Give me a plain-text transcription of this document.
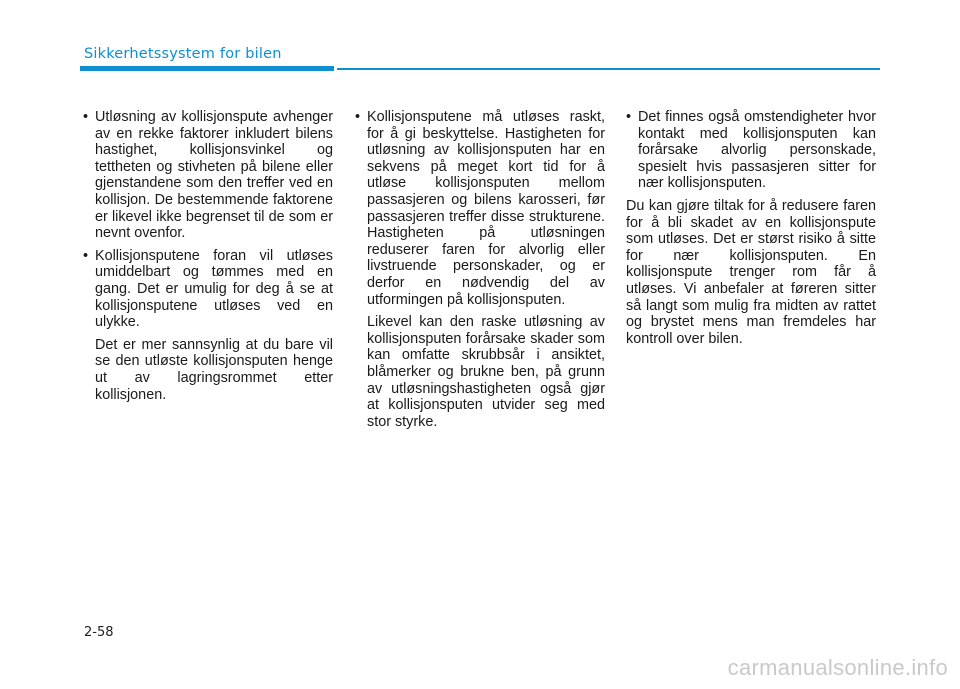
Sikkerhetssystem for bilen

• Utløsning av kollisjonspute avhenger av en rekke faktorer inkludert bilens hastighet, kollisjonsvinkel og tettheten og stivheten på bilene eller gjenstandene som den treffer ved en kollisjon. De bestemmende faktorene er likevel ikke begrenset til de som er nevnt ovenfor.

• Kollisjonsputene foran vil utløses umiddelbart og tømmes med en gang. Det er umulig for deg å se at kollisjonsputene utløses ved en ulykke.

Det er mer sannsynlig at du bare vil se den utløste kollisjonsputen henge ut av lagringsrommet etter kollisjonen.

• Kollisjonsputene må utløses raskt, for å gi beskyttelse. Hastigheten for utløsning av kollisjonsputen har en sekvens på meget kort tid for å utløse kollisjonsputen mellom passasjeren og bilens karosseri, før passasjeren treffer disse strukturene. Hastigheten på utløsningen reduserer faren for alvorlig eller livstruende personskader, og er derfor en nødvendig del av utformingen på kollisjonsputen.

Likevel kan den raske utløsning av kollisjonsputen forårsake skader som kan omfatte skrubbsår i ansiktet, blåmerker og brukne ben, på grunn av utløsningshastigheten også gjør at kollisjonsputen utvider seg med stor styrke.

• Det finnes også omstendigheter hvor kontakt med kollisjonsputen kan forårsake alvorlig personskade, spesielt hvis passasjeren sitter for nær kollisjonsputen.

Du kan gjøre tiltak for å redusere faren for å bli skadet av en kollisjonspute som utløses. Det er størst risiko å sitte for nær kollisjonsputen. En kollisjonspute trenger rom får å utløses. Vi anbefaler at føreren sitter så langt som mulig fra midten av rattet og brystet mens man fremdeles har kontroll over bilen.

2-58
carmanualsonline.info
